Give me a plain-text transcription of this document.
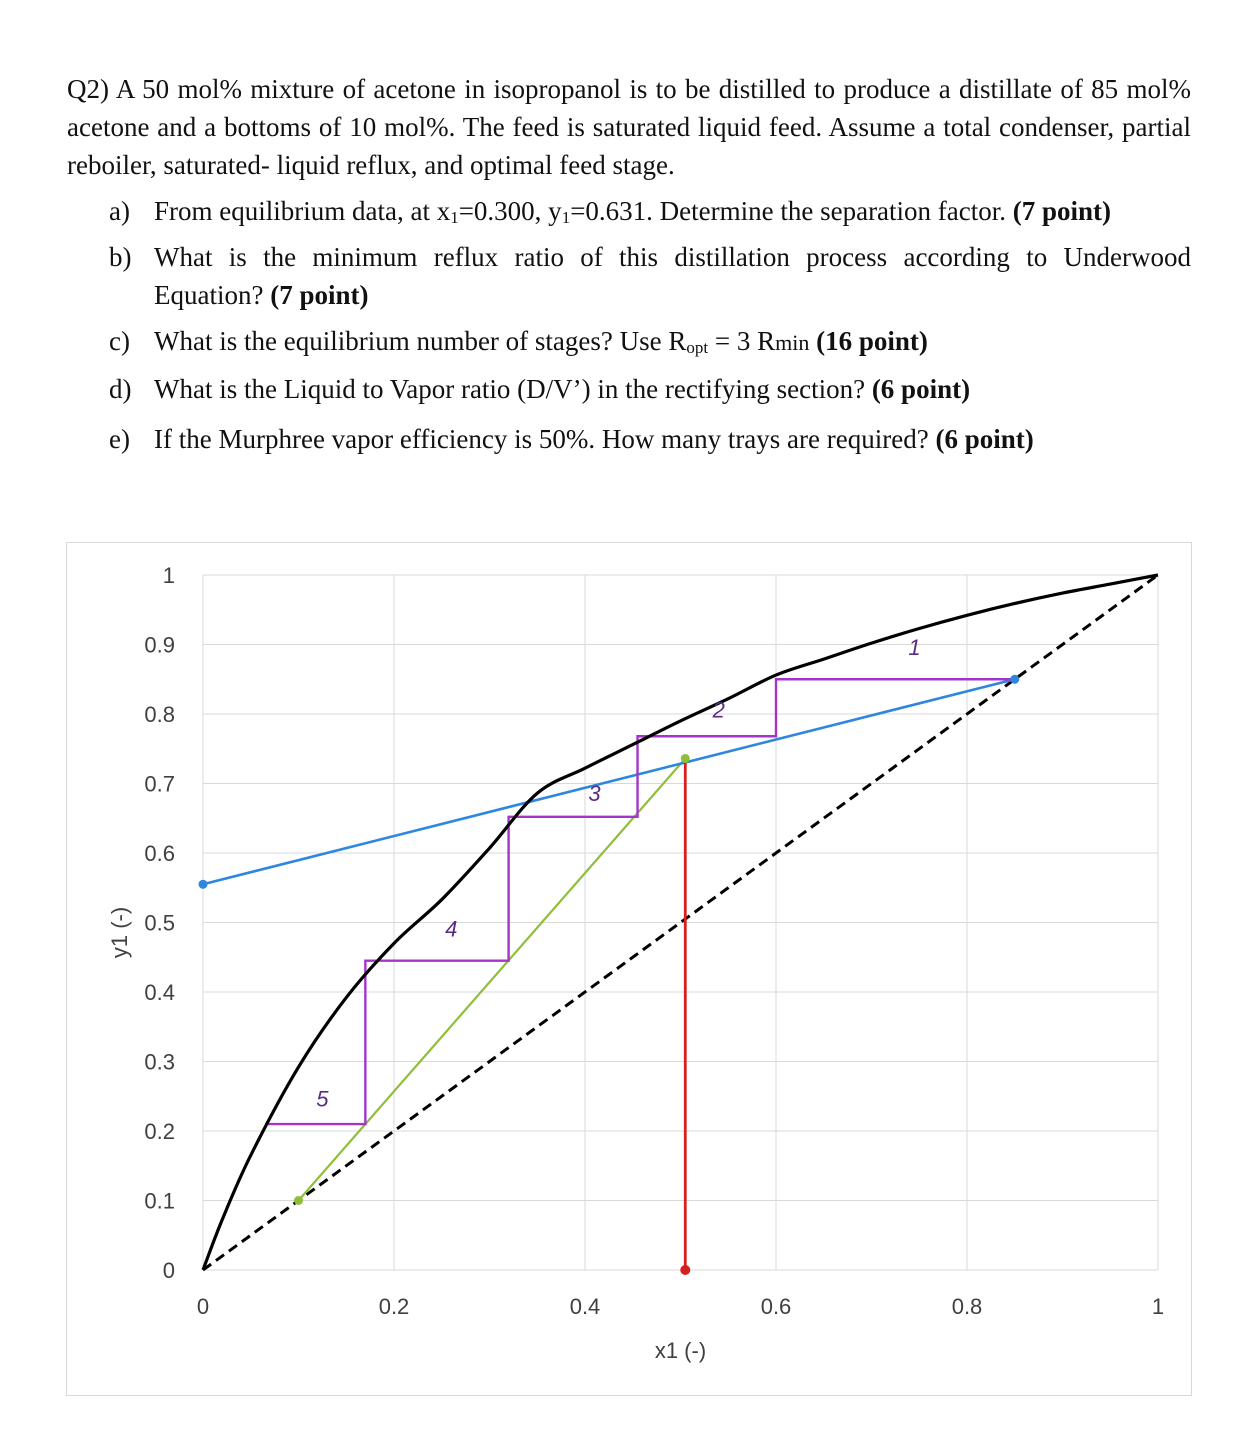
Q2) A 50 mol% mixture of acetone in isopropanol is to be distilled to produce a distillate of 85 mol% acetone and a bottoms of 10 mol%. The feed is saturated liquid feed. Assume a total condenser, partial reboiler, saturated- liquid reflux, and optimal feed stage.
a) From equilibrium data, at $x_1=0.300$, $y_1=0.631$. Determine the separation factor. (7 point)
b) What is the minimum reflux ratio of this distillation process according to Underwood Equation? (7 point)
c) What is the equilibrium number of stages? Use $R_{opt} = 3$ Rmin (16 point)
d) What is the Liquid to Vapor ratio (D/V’) in the rectifying section? (6 point)
e) If the Murphree vapor efficiency is 50%. How many trays are required? (6 point)
0	0.2	0.4	0.6	0.8	1
0
0.1
0.2
0.3
0.4
0.5
0.6
0.7
0.8
0.9
1
x1 (-)
y1 (-)
1
2
3
4
5
